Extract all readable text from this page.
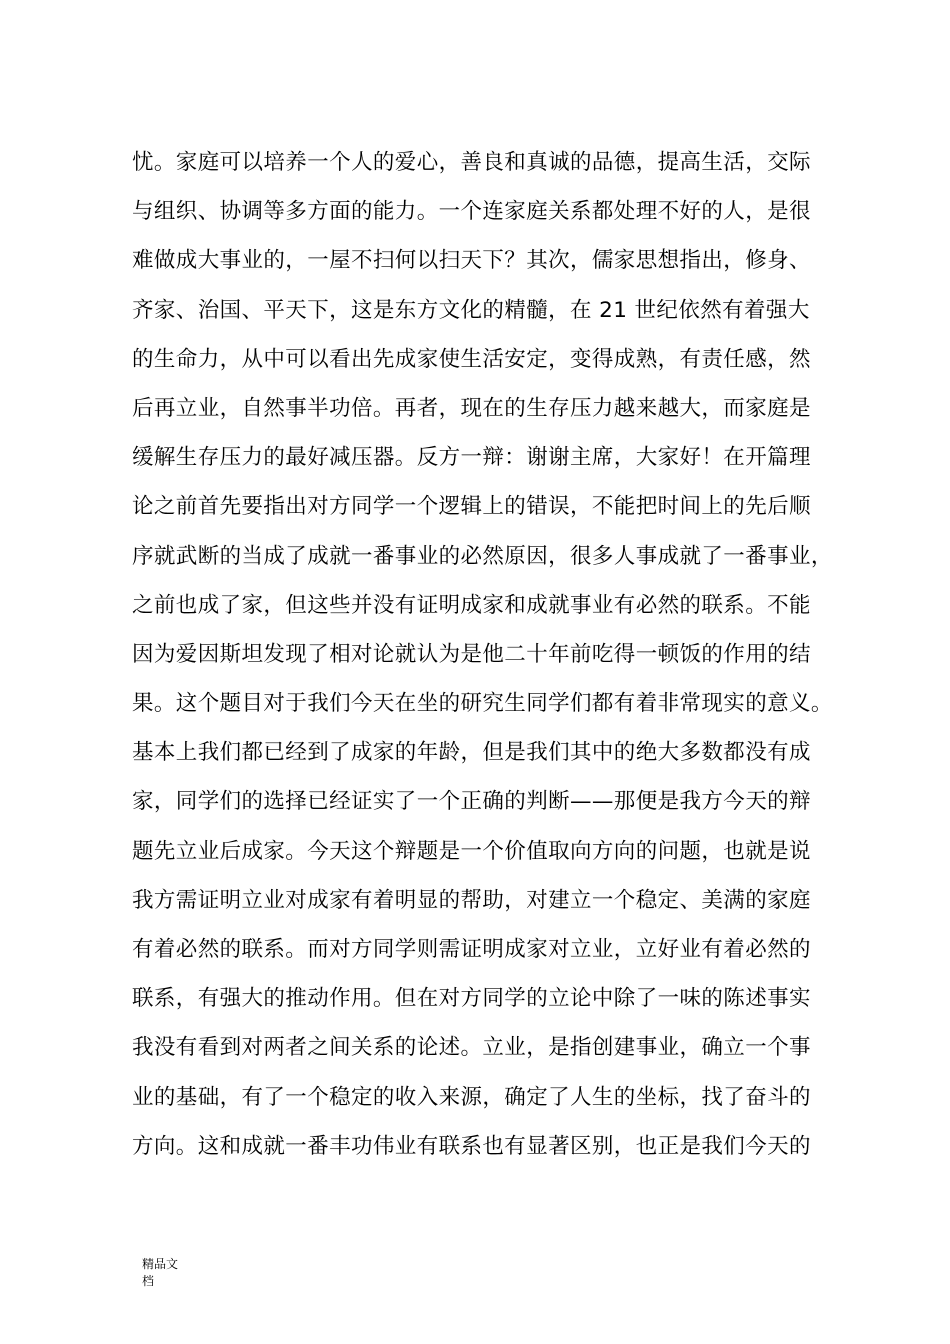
忧。家庭可以培养一个人的爱心，善良和真诚的品德，提高生活，交际
与组织、协调等多方面的能力。一个连家庭关系都处理不好的人，是很
难做成大事业的，一屋不扫何以扫天下？其次，儒家思想指出，修身、
齐家、治国、平天下，这是东方文化的精髓，在 21 世纪依然有着强大
的生命力，从中可以看出先成家使生活安定，变得成熟，有责任感，然
后再立业，自然事半功倍。再者，现在的生存压力越来越大，而家庭是
缓解生存压力的最好减压器。反方一辩：谢谢主席，大家好！在开篇理
论之前首先要指出对方同学一个逻辑上的错误，不能把时间上的先后顺
序就武断的当成了成就一番事业的必然原因，很多人事成就了一番事业，
之前也成了家，但这些并没有证明成家和成就事业有必然的联系。不能
因为爱因斯坦发现了相对论就认为是他二十年前吃得一顿饭的作用的结
果。这个题目对于我们今天在坐的研究生同学们都有着非常现实的意义。
基本上我们都已经到了成家的年龄，但是我们其中的绝大多数都没有成
家，同学们的选择已经证实了一个正确的判断——那便是我方今天的辩
题先立业后成家。今天这个辩题是一个价值取向方向的问题，也就是说
我方需证明立业对成家有着明显的帮助，对建立一个稳定、美满的家庭
有着必然的联系。而对方同学则需证明成家对立业，立好业有着必然的
联系，有强大的推动作用。但在对方同学的立论中除了一味的陈述事实
我没有看到对两者之间关系的论述。立业，是指创建事业，确立一个事
业的基础，有了一个稳定的收入来源，确定了人生的坐标，找了奋斗的
方向。这和成就一番丰功伟业有联系也有显著区别，也正是我们今天的
精品文
档
